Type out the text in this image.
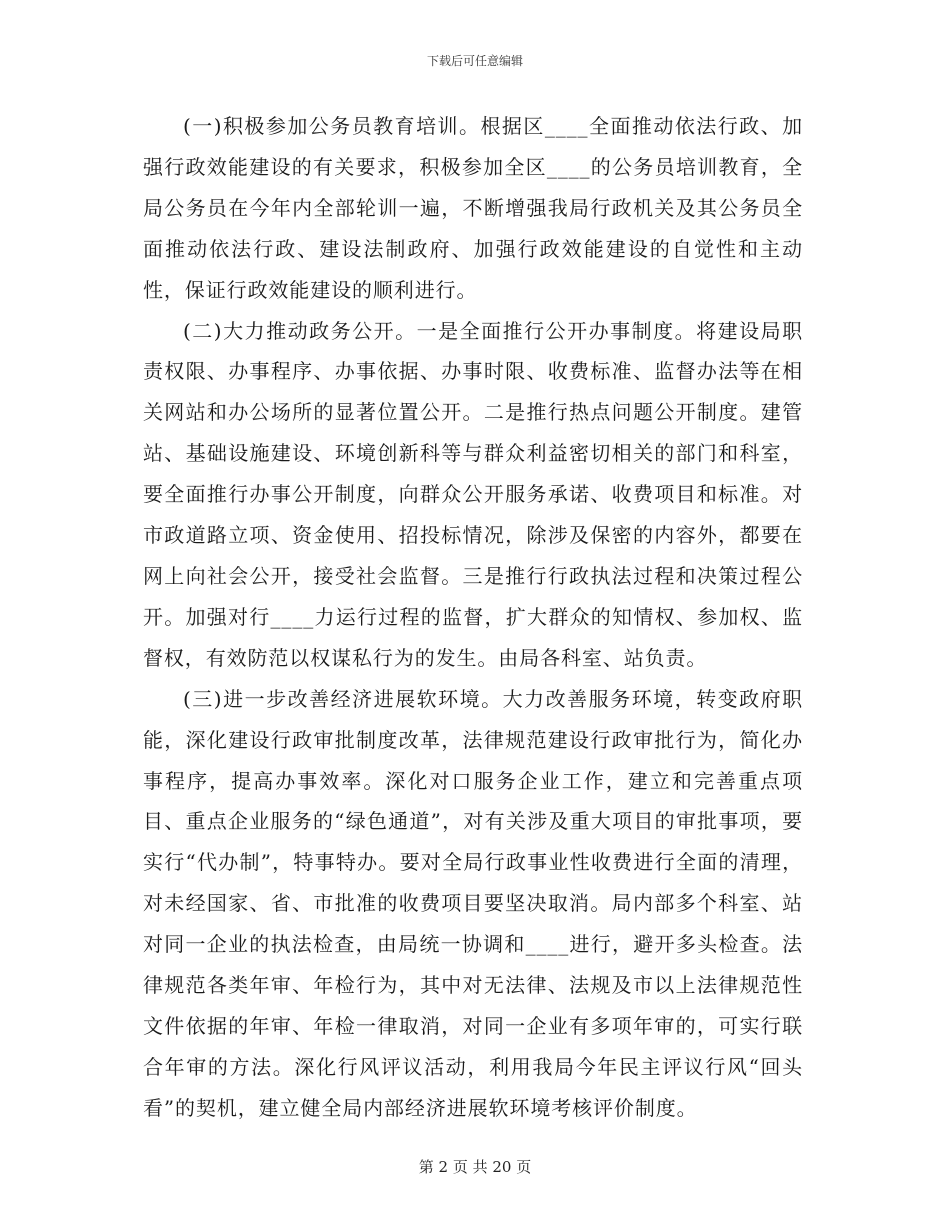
下载后可任意编辑

(一)积极参加公务员教育培训。根据区____全面推动依法行政、加强行政效能建设的有关要求，积极参加全区____的公务员培训教育，全局公务员在今年内全部轮训一遍，不断增强我局行政机关及其公务员全面推动依法行政、建设法制政府、加强行政效能建设的自觉性和主动性，保证行政效能建设的顺利进行。

(二)大力推动政务公开。一是全面推行公开办事制度。将建设局职责权限、办事程序、办事依据、办事时限、收费标准、监督办法等在相关网站和办公场所的显著位置公开。二是推行热点问题公开制度。建管站、基础设施建设、环境创新科等与群众利益密切相关的部门和科室，要全面推行办事公开制度，向群众公开服务承诺、收费项目和标准。对市政道路立项、资金使用、招投标情况，除涉及保密的内容外，都要在网上向社会公开，接受社会监督。三是推行行政执法过程和决策过程公开。加强对行____力运行过程的监督，扩大群众的知情权、参加权、监督权，有效防范以权谋私行为的发生。由局各科室、站负责。

(三)进一步改善经济进展软环境。大力改善服务环境，转变政府职能，深化建设行政审批制度改革，法律规范建设行政审批行为，简化办事程序，提高办事效率。深化对口服务企业工作，建立和完善重点项目、重点企业服务的“绿色通道”，对有关涉及重大项目的审批事项，要实行“代办制”，特事特办。要对全局行政事业性收费进行全面的清理，对未经国家、省、市批准的收费项目要坚决取消。局内部多个科室、站对同一企业的执法检查，由局统一协调和____进行，避开多头检查。法律规范各类年审、年检行为，其中对无法律、法规及市以上法律规范性文件依据的年审、年检一律取消，对同一企业有多项年审的，可实行联合年审的方法。深化行风评议活动，利用我局今年民主评议行风“回头看”的契机，建立健全局内部经济进展软环境考核评价制度。

第 2 页 共 20 页
